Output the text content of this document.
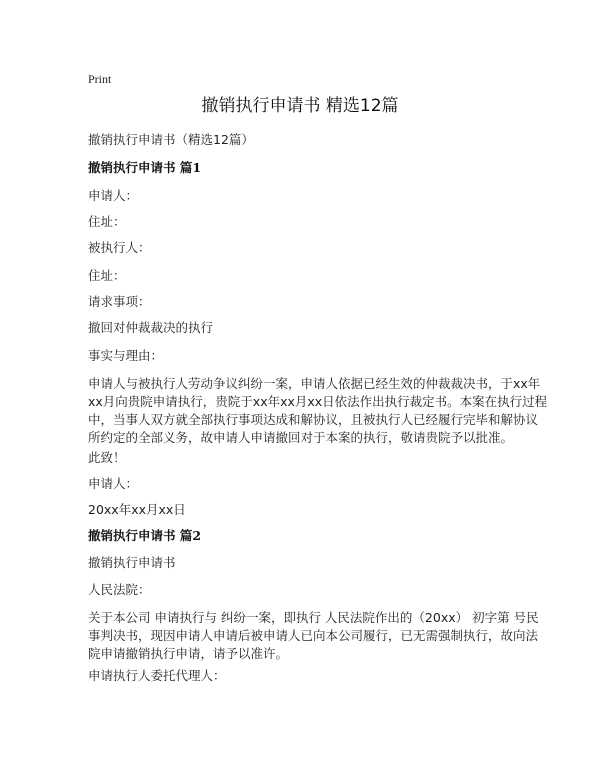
Print
撤销执行申请书 精选12篇
撤销执行申请书（精选12篇）
撤销执行申请书 篇1
申请人：
住址：
被执行人：
住址：
请求事项：
撤回对仲裁裁决的执行
事实与理由：
申请人与被执行人劳动争议纠纷一案，申请人依据已经生效的仲裁裁决书，于xx年
xx月向贵院申请执行，贵院于xx年xx月xx日依法作出执行裁定书。本案在执行过程
中，当事人双方就全部执行事项达成和解协议，且被执行人已经履行完毕和解协议
所约定的全部义务，故申请人申请撤回对于本案的执行，敬请贵院予以批准。
此致！
申请人：
20xx年xx月xx日
撤销执行申请书 篇2
撤销执行申请书
人民法院：
关于本公司 申请执行与 纠纷一案，即执行 人民法院作出的（20xx） 初字第 号民
事判决书，现因申请人申请后被申请人已向本公司履行，已无需强制执行，故向法
院申请撤销执行申请，请予以准许。
申请执行人委托代理人：
